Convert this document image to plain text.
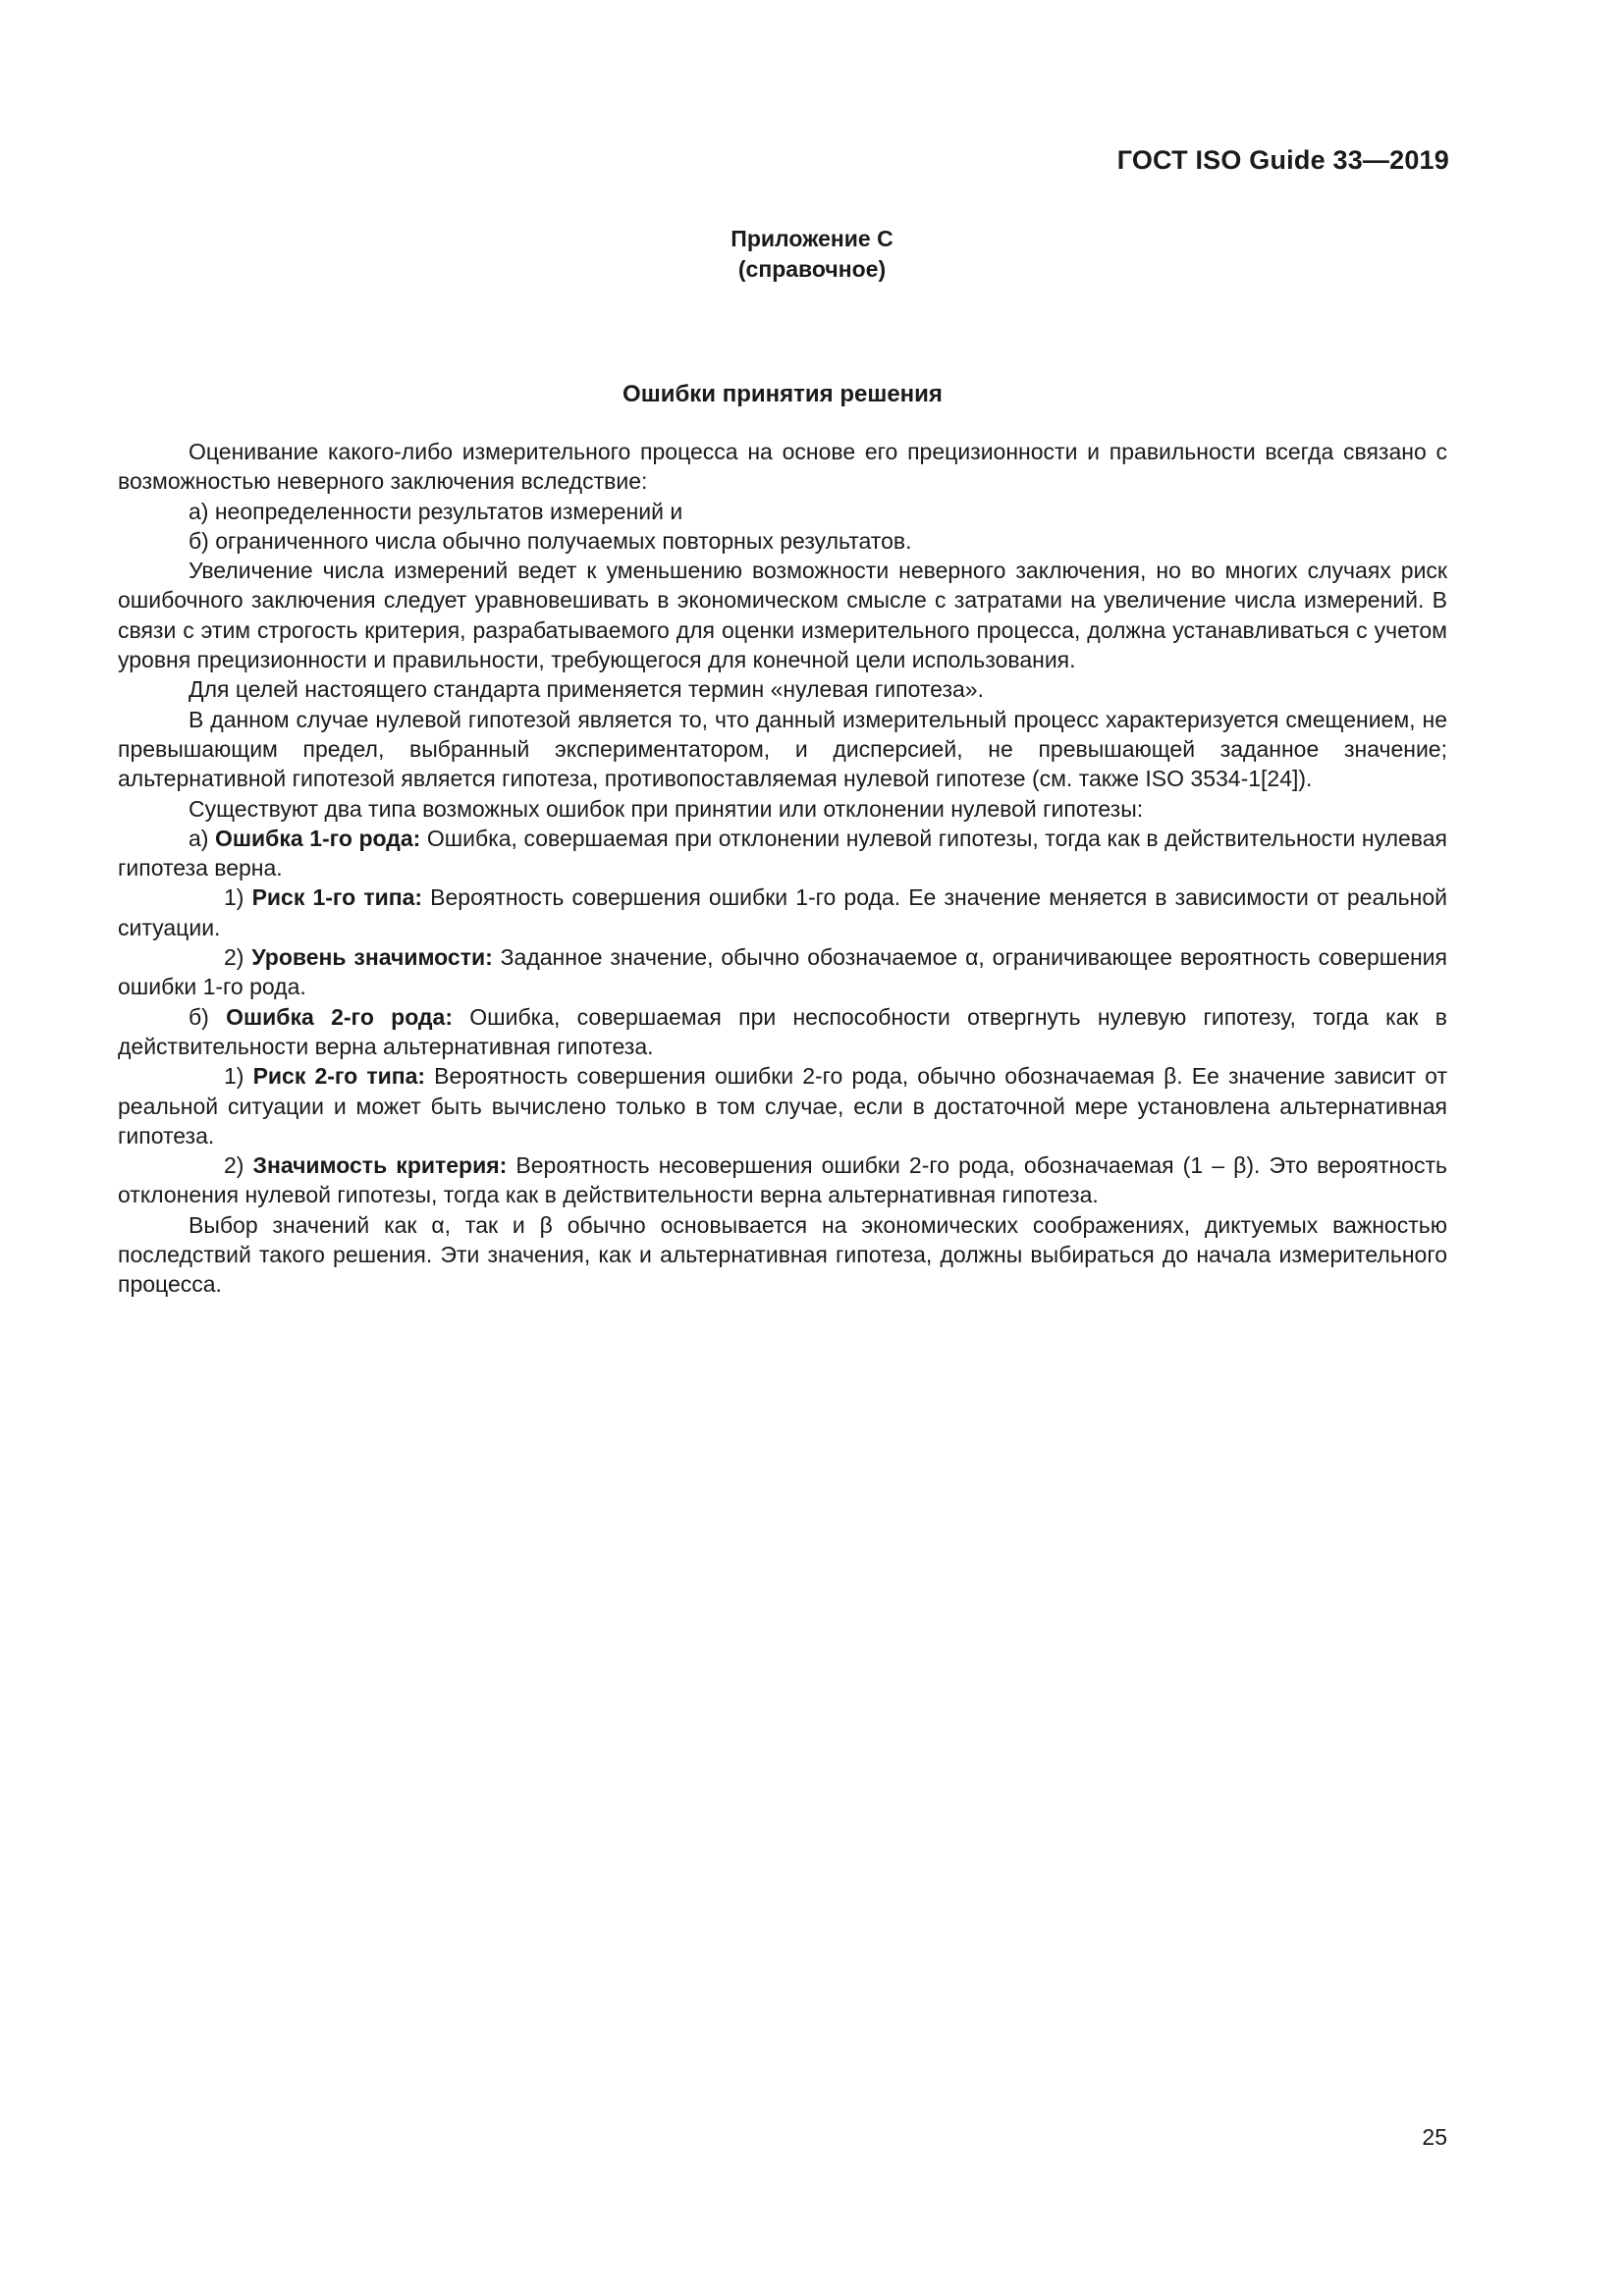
ГОСТ ISO Guide 33—2019
Приложение С
(справочное)
Ошибки принятия решения

Оценивание какого-либо измерительного процесса на основе его прецизионности и правильности всегда связано с возможностью неверного заключения вследствие:

а) неопределенности результатов измерений и

б) ограниченного числа обычно получаемых повторных результатов.

Увеличение числа измерений ведет к уменьшению возможности неверного заключения, но во многих случаях риск ошибочного заключения следует уравновешивать в экономическом смысле с затратами на увеличение числа измерений. В связи с этим строгость критерия, разрабатываемого для оценки измерительного процесса, должна устанавливаться с учетом уровня прецизионности и правильности, требующегося для конечной цели использования.

Для целей настоящего стандарта применяется термин «нулевая гипотеза».

В данном случае нулевой гипотезой является то, что данный измерительный процесс характеризуется смещением, не превышающим предел, выбранный экспериментатором, и дисперсией, не превышающей заданное значение; альтернативной гипотезой является гипотеза, противопоставляемая нулевой гипотезе (см. также ISO 3534-1[24]).

Существуют два типа возможных ошибок при принятии или отклонении нулевой гипотезы:

а) Ошибка 1-го рода: Ошибка, совершаемая при отклонении нулевой гипотезы, тогда как в действительности нулевая гипотеза верна.

1) Риск 1-го типа: Вероятность совершения ошибки 1-го рода. Ее значение меняется в зависимости от реальной ситуации.

2) Уровень значимости: Заданное значение, обычно обозначаемое α, ограничивающее вероятность совершения ошибки 1-го рода.

б) Ошибка 2-го рода: Ошибка, совершаемая при неспособности отвергнуть нулевую гипотезу, тогда как в действительности верна альтернативная гипотеза.

1) Риск 2-го типа: Вероятность совершения ошибки 2-го рода, обычно обозначаемая β. Ее значение зависит от реальной ситуации и может быть вычислено только в том случае, если в достаточной мере установлена альтернативная гипотеза.

2) Значимость критерия: Вероятность несовершения ошибки 2-го рода, обозначаемая (1 – β). Это вероятность отклонения нулевой гипотезы, тогда как в действительности верна альтернативная гипотеза.

Выбор значений как α, так и β обычно основывается на экономических соображениях, диктуемых важностью последствий такого решения. Эти значения, как и альтернативная гипотеза, должны выбираться до начала измерительного процесса.

25
